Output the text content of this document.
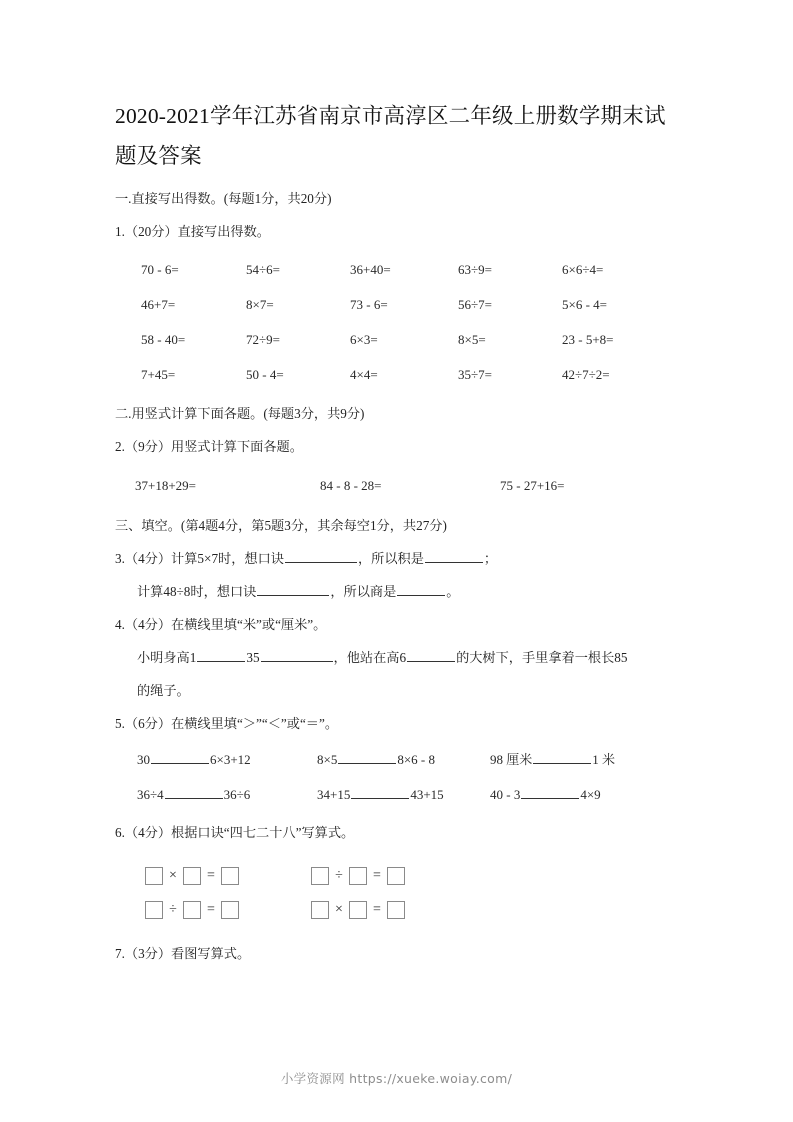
2020-2021学年江苏省南京市高淳区二年级上册数学期末试题及答案
一.直接写出得数。(每题1分，共20分)
1.（20分）直接写出得数。
70 - 6=	54÷6=	36+40=	63÷9=	6×6÷4=
46+7=	8×7=	73 - 6=	56÷7=	5×6 - 4=
58 - 40=	72÷9=	6×3=	8×5=	23 - 5+8=
7+45=	50 - 4=	4×4=	35÷7=	42÷7÷2=
二.用竖式计算下面各题。(每题3分，共9分)
2.（9分）用竖式计算下面各题。
37+18+29=	84 - 8 - 28=	75 - 27+16=
三、填空。(第4题4分，第5题3分，其余每空1分，共27分)
3.（4分）计算5×7时，想口诀	，所以积是	；
计算48÷8时，想口诀	，所以商是	。
4.（4分）在横线里填“米”或“厘米”。
小明身高1	35	，他站在高6	的大树下，手里拿着一根长85
的绳子。
5.（6分）在横线里填“＞”“＜”或“＝”。
30	6×3+12	8×5	8×6 - 8	98 厘米	1 米
36÷4	36÷6	34+15	43+15	40 - 3	4×9
6.（4分）根据口诀“四七二十八”写算式。
×	=	÷	=
÷	=	×	=
7.（3分）看图写算式。
小学资源网 https://xueke.woiay.com/
